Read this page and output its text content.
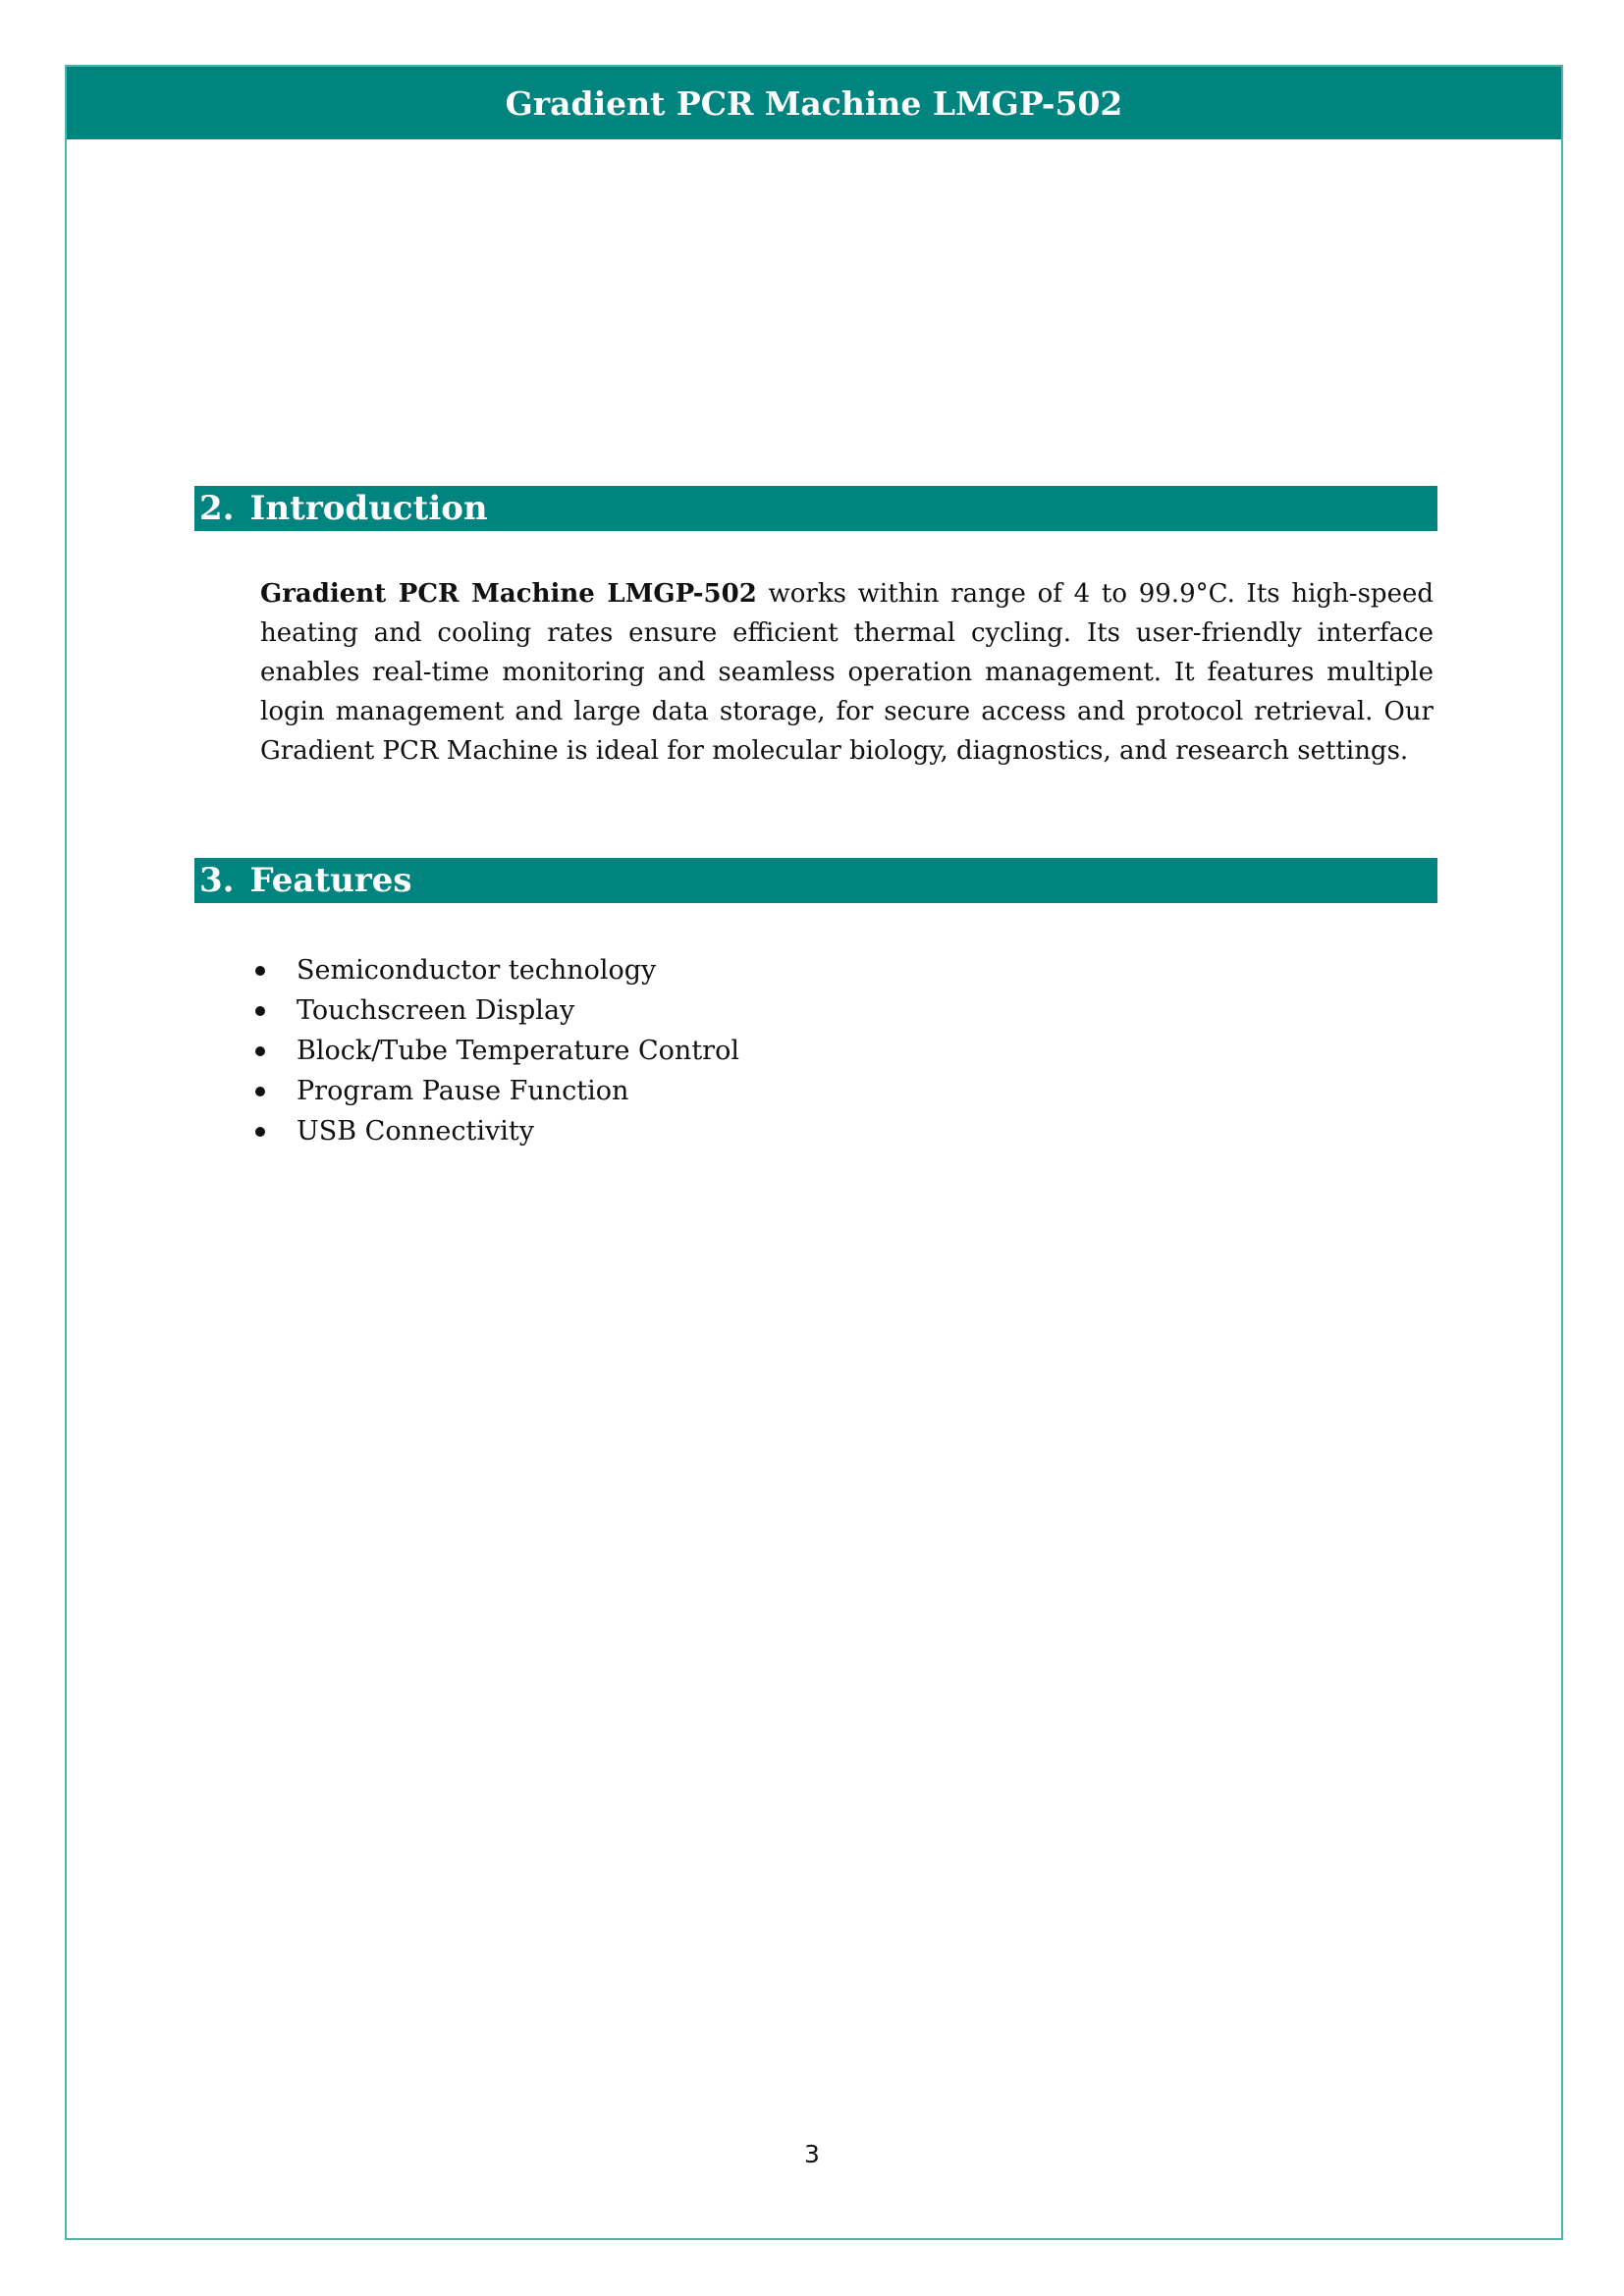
Gradient PCR Machine LMGP-502
2. Introduction

Gradient PCR Machine LMGP-502 works within range of 4 to 99.9°C. Its high-speed heating and cooling rates ensure efficient thermal cycling. Its user-friendly interface enables real-time monitoring and seamless operation management. It features multiple login management and large data storage, for secure access and protocol retrieval. Our Gradient PCR Machine is ideal for molecular biology, diagnostics, and research settings.

3. Features
Semiconductor technology
Touchscreen Display
Block/Tube Temperature Control
Program Pause Function
USB Connectivity
3
